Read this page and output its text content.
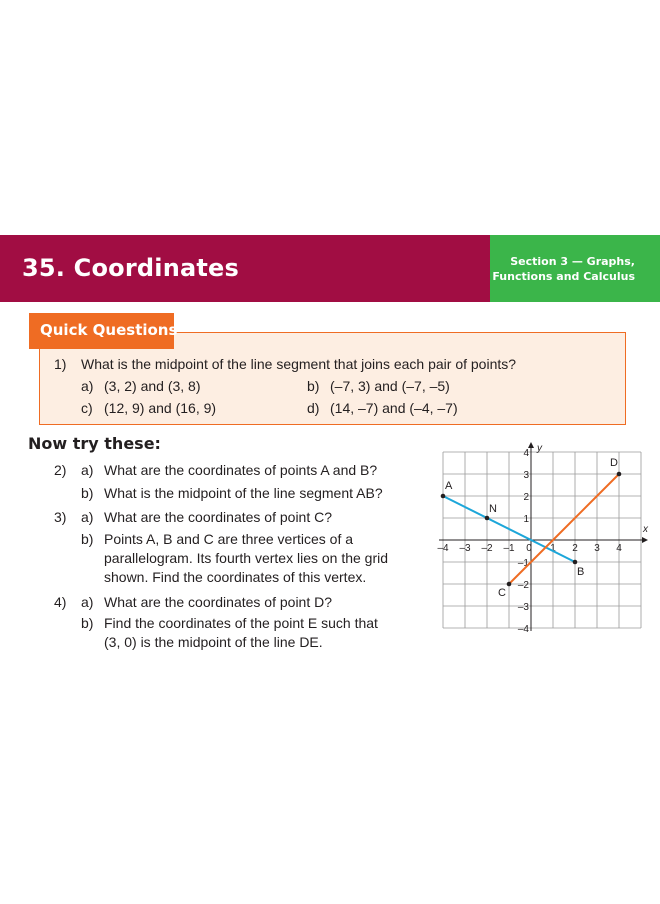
35. Coordinates	Section 3 — Graphs,
Functions and Calculus
Quick Questions
1) What is the midpoint of the line segment that joins each pair of points?
a) (3, 2) and (3, 8)	b) (–7, 3) and (–7, –5)
c) (12, 9) and (16, 9)	d) (14, –7) and (–4, –7)
Now try these:
2) a) What are the coordinates of points A and B?
b) What is the midpoint of the line segment AB?
3) a) What are the coordinates of point C?
b) Points A, B and C are three vertices of a
parallelogram. Its fourth vertex lies on the grid
shown. Find the coordinates of this vertex.
4) a) What are the coordinates of point D?
b) Find the coordinates of the point E such that
(3, 0) is the midpoint of the line DE.
x
y
–4 –3 –2 –1 0 1 2 3 4
1
2
3
4
–1
–2
–3
–4
A
B
C
D
N
